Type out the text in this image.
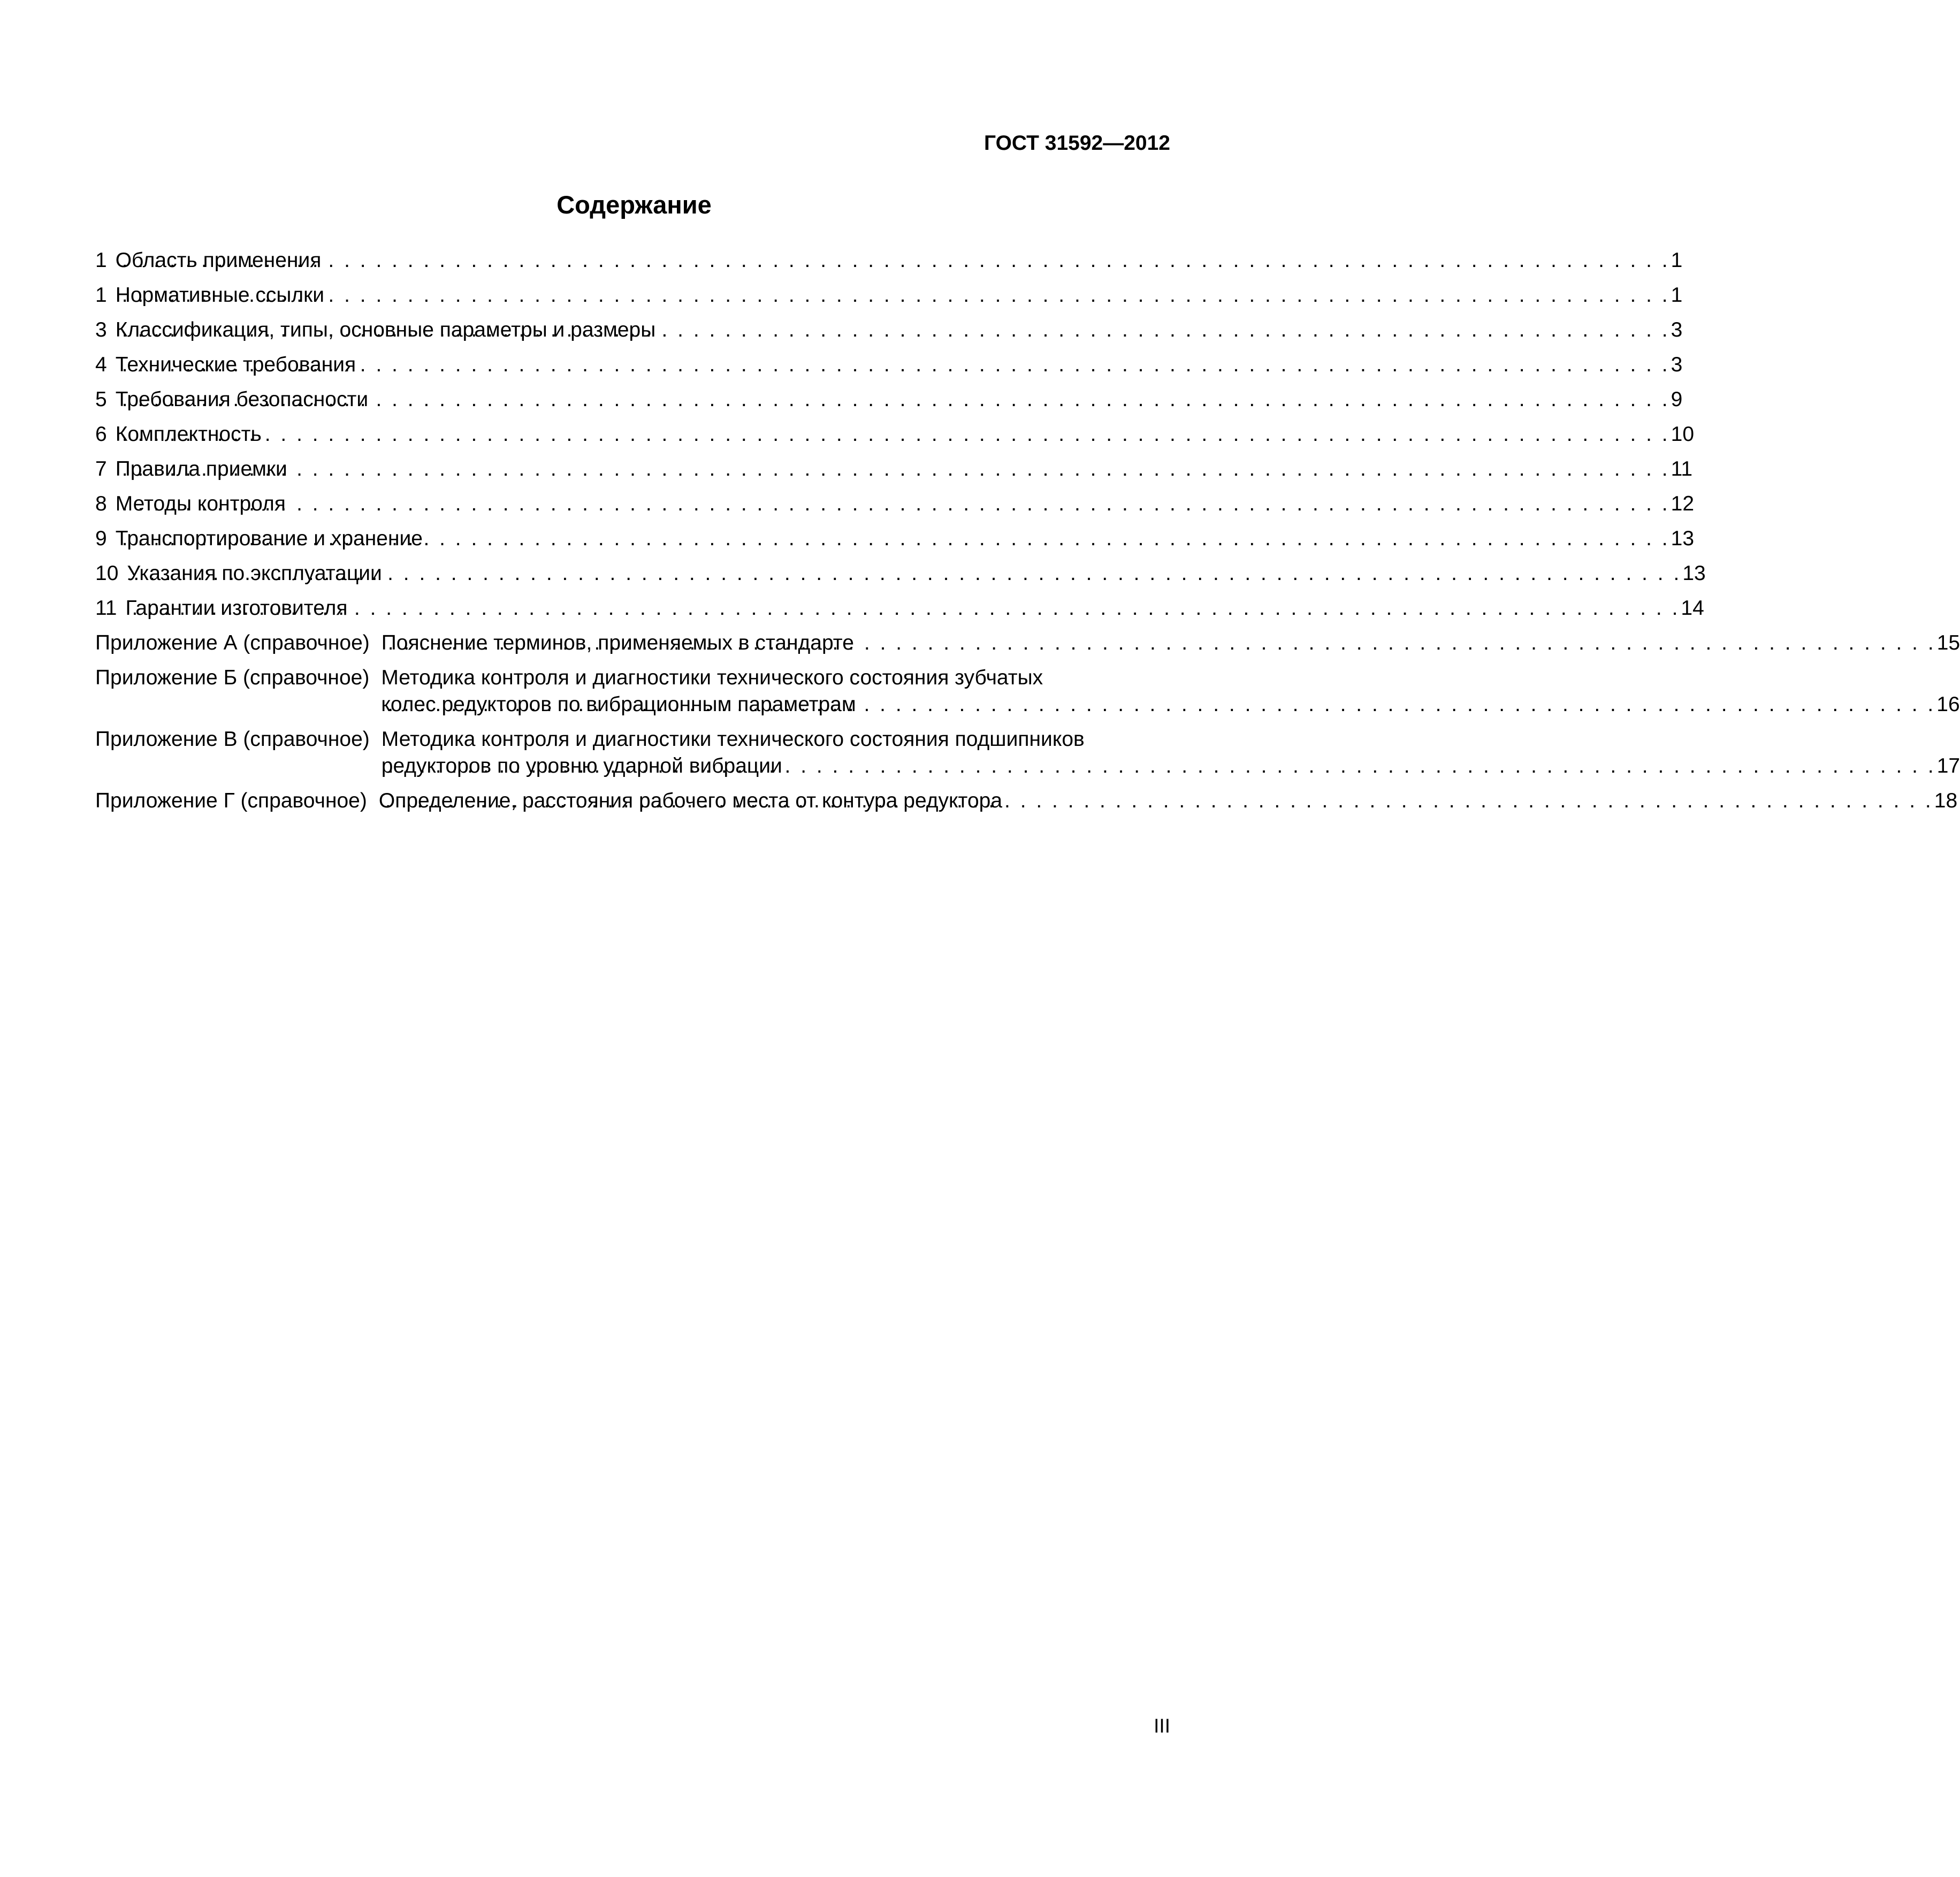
ГОСТ 31592—2012
Содержание
1 Область применения . . .	1
1 Нормативные ссылки . . .	1
3 Классификация, типы, основные параметры и размеры . . .	3
4 Технические требования . . .	3
5 Требования безопасности . . .	9
6 Комплектность . . .	10
7 Правила приемки . . .	11
8 Методы контроля . . .	12
9 Транспортирование и хранение . . .	13
10 Указания по эксплуатации . . .	13
11 Гарантии изготовителя . . .	14
Приложение А (справочное) Пояснение терминов, применяемых в стандарте . . .	15
Приложение Б (справочное) Методика контроля и диагностики технического состояния зубчатых
колес редукторов по вибрационным параметрам . . .	16
Приложение В (справочное) Методика контроля и диагностики технического состояния подшипников
редукторов по уровню ударной вибрации . . .	17
Приложение Г (справочное) Определение, расстояния рабочего места от контура редуктора . . .	18
III
